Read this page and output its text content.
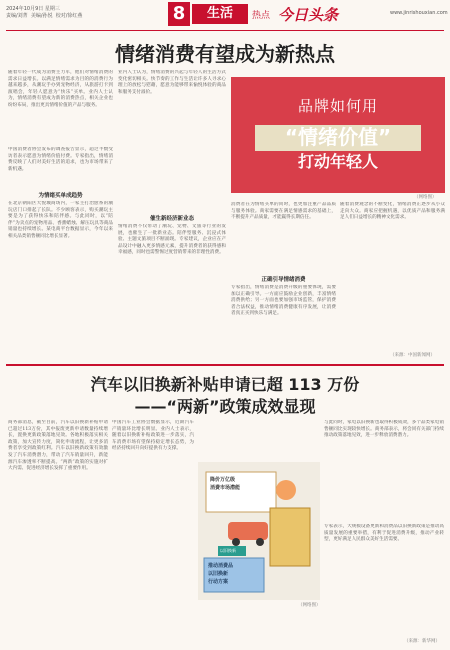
2024年10月9日 星期三
责编/刘菁  美编/孙悦  校对/徐红燕	8	生活	热点 今日头条	www.jinrishouxian.com
情绪消费有望成为新热点
随着年轻一代成为消费主力军，他们对情绪消费的需求日益增长。以满足情绪需求为目的的消费行为越来越多，从潮玩手办到宠物经济，从旅游打卡到演唱会，年轻人愿意为“快乐”买单。业内人士认为，情绪消费有望成为新的消费热点，相关企业也纷纷布局，推出更具情绪价值的产品与服务。
中国消费者协会发布的调查报告显示，超过半数受访者表示愿意为情绪价值付费。专家指出，情绪消费反映了人们对美好生活的追求，也为市场带来了新机遇。
为情绪买单成趋势
在北京朝阳区大悦城商场内，一家主打治愈系的潮玩店门口排起了长队。不少顾客表示，购买潮玩主要是为了获得快乐和陪伴感。与此同时，以“陪伴”为卖点的宠物用品、香薰蜡烛、解压玩具等商品销量也持续增长。某电商平台数据显示，今年以来相关品类销售额同比增长显著。
业内人士认为，情绪消费的兴起与年轻人的生活方式变化密切相关。快节奏的工作与生活让许多人寻求心理上的放松与慰藉，愿意为能够带来愉悦体验的商品和服务支付溢价。
催生新经济新业态
情绪消费不仅带动了潮玩、宠物、文旅等行业的发展，也催生了一批新业态。陪伴型服务、沉浸式体验、主题文旅项目不断涌现。专家建议，企业应在产品设计中融入更多情感元素，提升消费者的获得感和幸福感，同时也需警惕过度营销带来的非理性消费。
品牌如何用
“情绪价值”
打动年轻人
（网络图）
消费者在为情绪买单的同时，也更加注重产品品质与服务体验。商家需要在满足情感需求的基础上，不断提升产品质量，才能赢得长期信任。
正确引导情绪消费
专家指出，情绪消费是消费升级的重要体现，需要加以正确引导。一方面应鼓励企业创新，丰富情绪消费供给；另一方面也要加强市场监管，保护消费者合法权益，推动情绪消费健康有序发展，让消费者真正买到快乐与满足。
随着消费观念的不断变化，情绪消费正逐步从小众走向大众。商家应把握机遇，以优质产品和服务满足人们日益增长的精神文化需求。
（来源：中国新闻网）
汽车以旧换新补贴申请已超 113 万份
——“两新”政策成效显现
商务部消息，截至目前，汽车以旧换新补贴申请已超过113万份，其中报废更新申请数量持续增长，置换更新政策落地见效。各地积极落实相关政策，加大宣传力度，简化申请流程，让更多消费者享受到政策红利。汽车以旧换新政策有效激发了汽车消费潜力，带动了汽车销量回升，新能源汽车渗透率不断提高。“两新”政策的实施对扩大内需、促进经济增长发挥了重要作用。
中国汽车工业协会数据显示，近期汽车产销量环比增长明显。业内人士表示，随着以旧换新补贴政策进一步落实，汽车消费市场有望保持稳定增长态势，为经济持续回升向好提供有力支撑。
降价万亿级
消费市场潜能
推动消费品
以旧换新
行动方案
以旧换新
（网络图）
与此同时，家电以旧换新也取得积极成效，多个品类家电销售额同比实现较快增长。商务部表示，将会同有关部门持续推动政策落地见效，进一步释放消费潜力。
专家表示，大规模设备更新和消费品以旧换新政策是推动高质量发展的重要举措，有利于促进消费升级，推动产业转型，更好满足人民群众美好生活需要。
（来源：新华网）
